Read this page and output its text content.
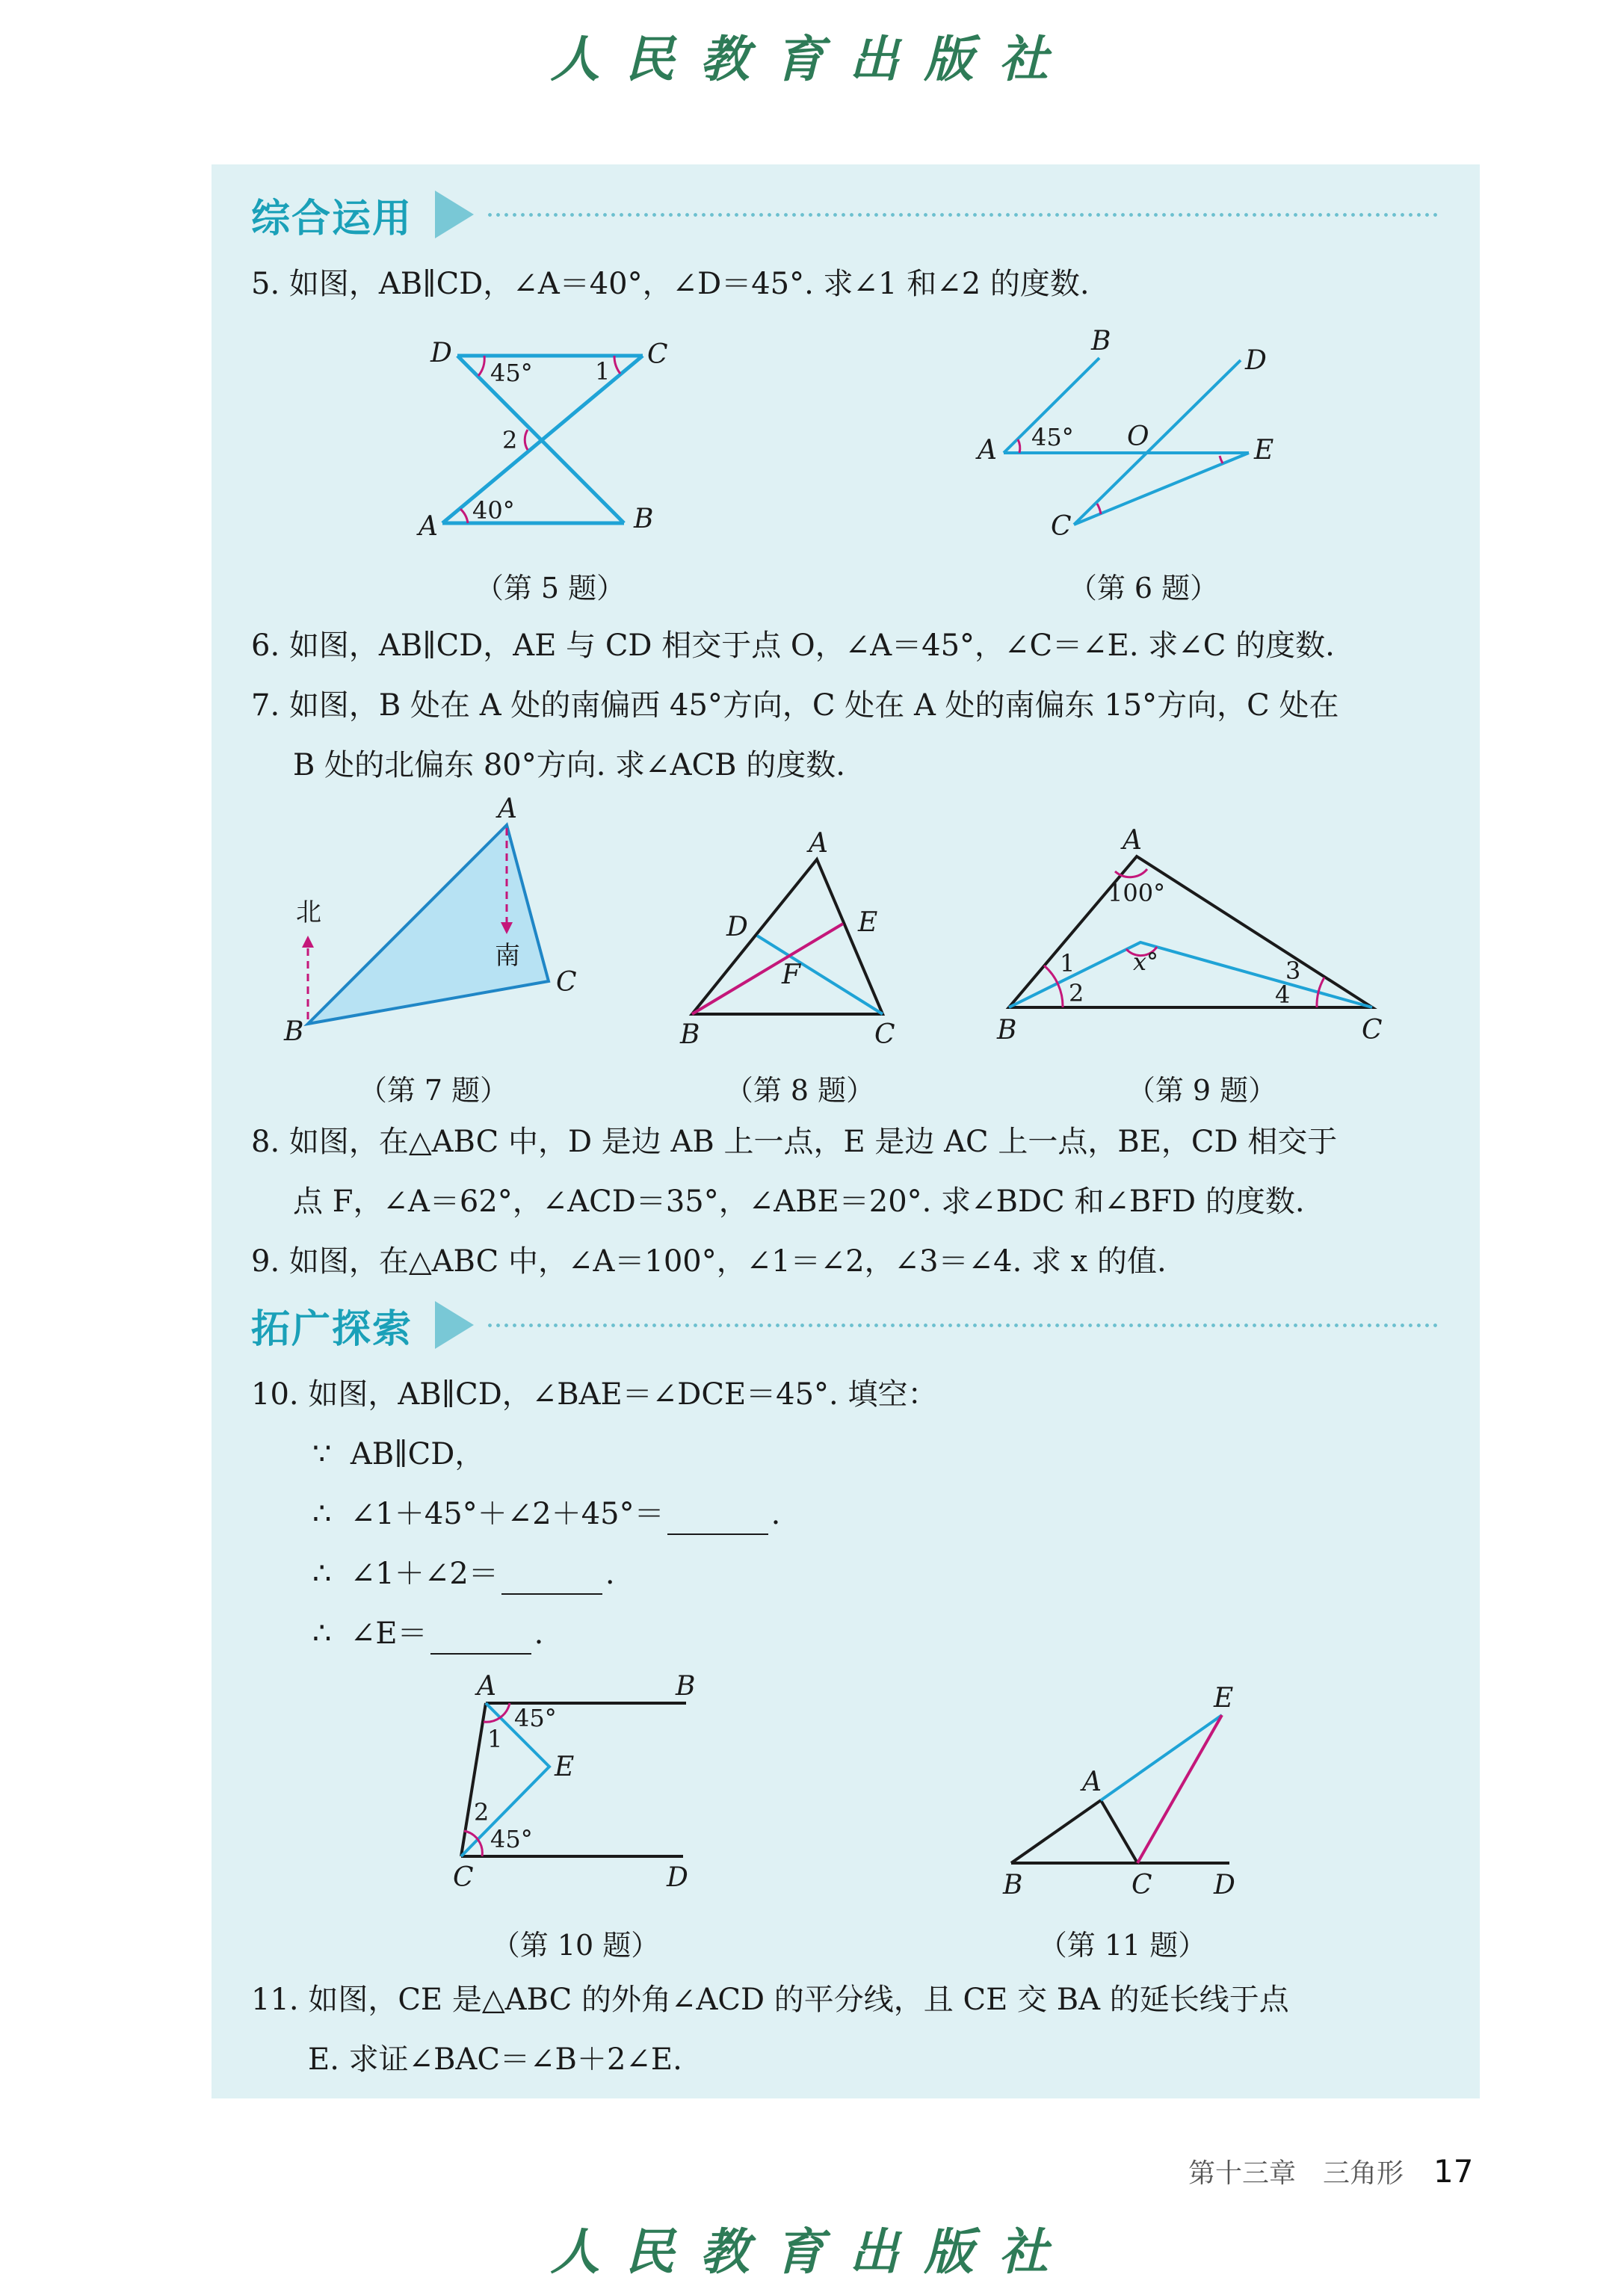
人民教育出版社
综合运用
5. 如图，AB∥CD，∠A＝40°，∠D＝45°. 求∠1 和∠2 的度数.
6. 如图，AB∥CD，AE 与 CD 相交于点 O，∠A＝45°，∠C＝∠E. 求∠C 的度数.
7. 如图，B 处在 A 处的南偏西 45°方向，C 处在 A 处的南偏东 15°方向，C 处在
B 处的北偏东 80°方向. 求∠ACB 的度数.
8. 如图，在△ABC 中，D 是边 AB 上一点，E 是边 AC 上一点，BE，CD 相交于
点 F，∠A＝62°，∠ACD＝35°，∠ABE＝20°. 求∠BDC 和∠BFD 的度数.
9. 如图，在△ABC 中，∠A＝100°，∠1＝∠2，∠3＝∠4. 求 x 的值.
拓广探索
10. 如图，AB∥CD，∠BAE＝∠DCE＝45°. 填空：
∵ AB∥CD，
∴ ∠1＋45°＋∠2＋45°＝	.
∴ ∠1＋∠2＝	.
∴ ∠E＝	.
11. 如图，CE 是△ABC 的外角∠ACD 的平分线，且 CE 交 BA 的延长线于点
E. 求证∠BAC＝∠B＋2∠E.
D	C
A	B
45°	1
2
40°
B
D
A	O	E
C
45°
A
B
C
北
南
A
B	C
D	E
F
A
B	C
100°
x°
1
2
3
4
A	B
C	D
E
45°
45°
1
2
A
B	C D
E
（第 5 题）	（第 6 题）
（第 7 题）	（第 8 题）	（第 9 题）
（第 10 题）	（第 11 题）
第十三章　三角形 17
人民教育出版社
